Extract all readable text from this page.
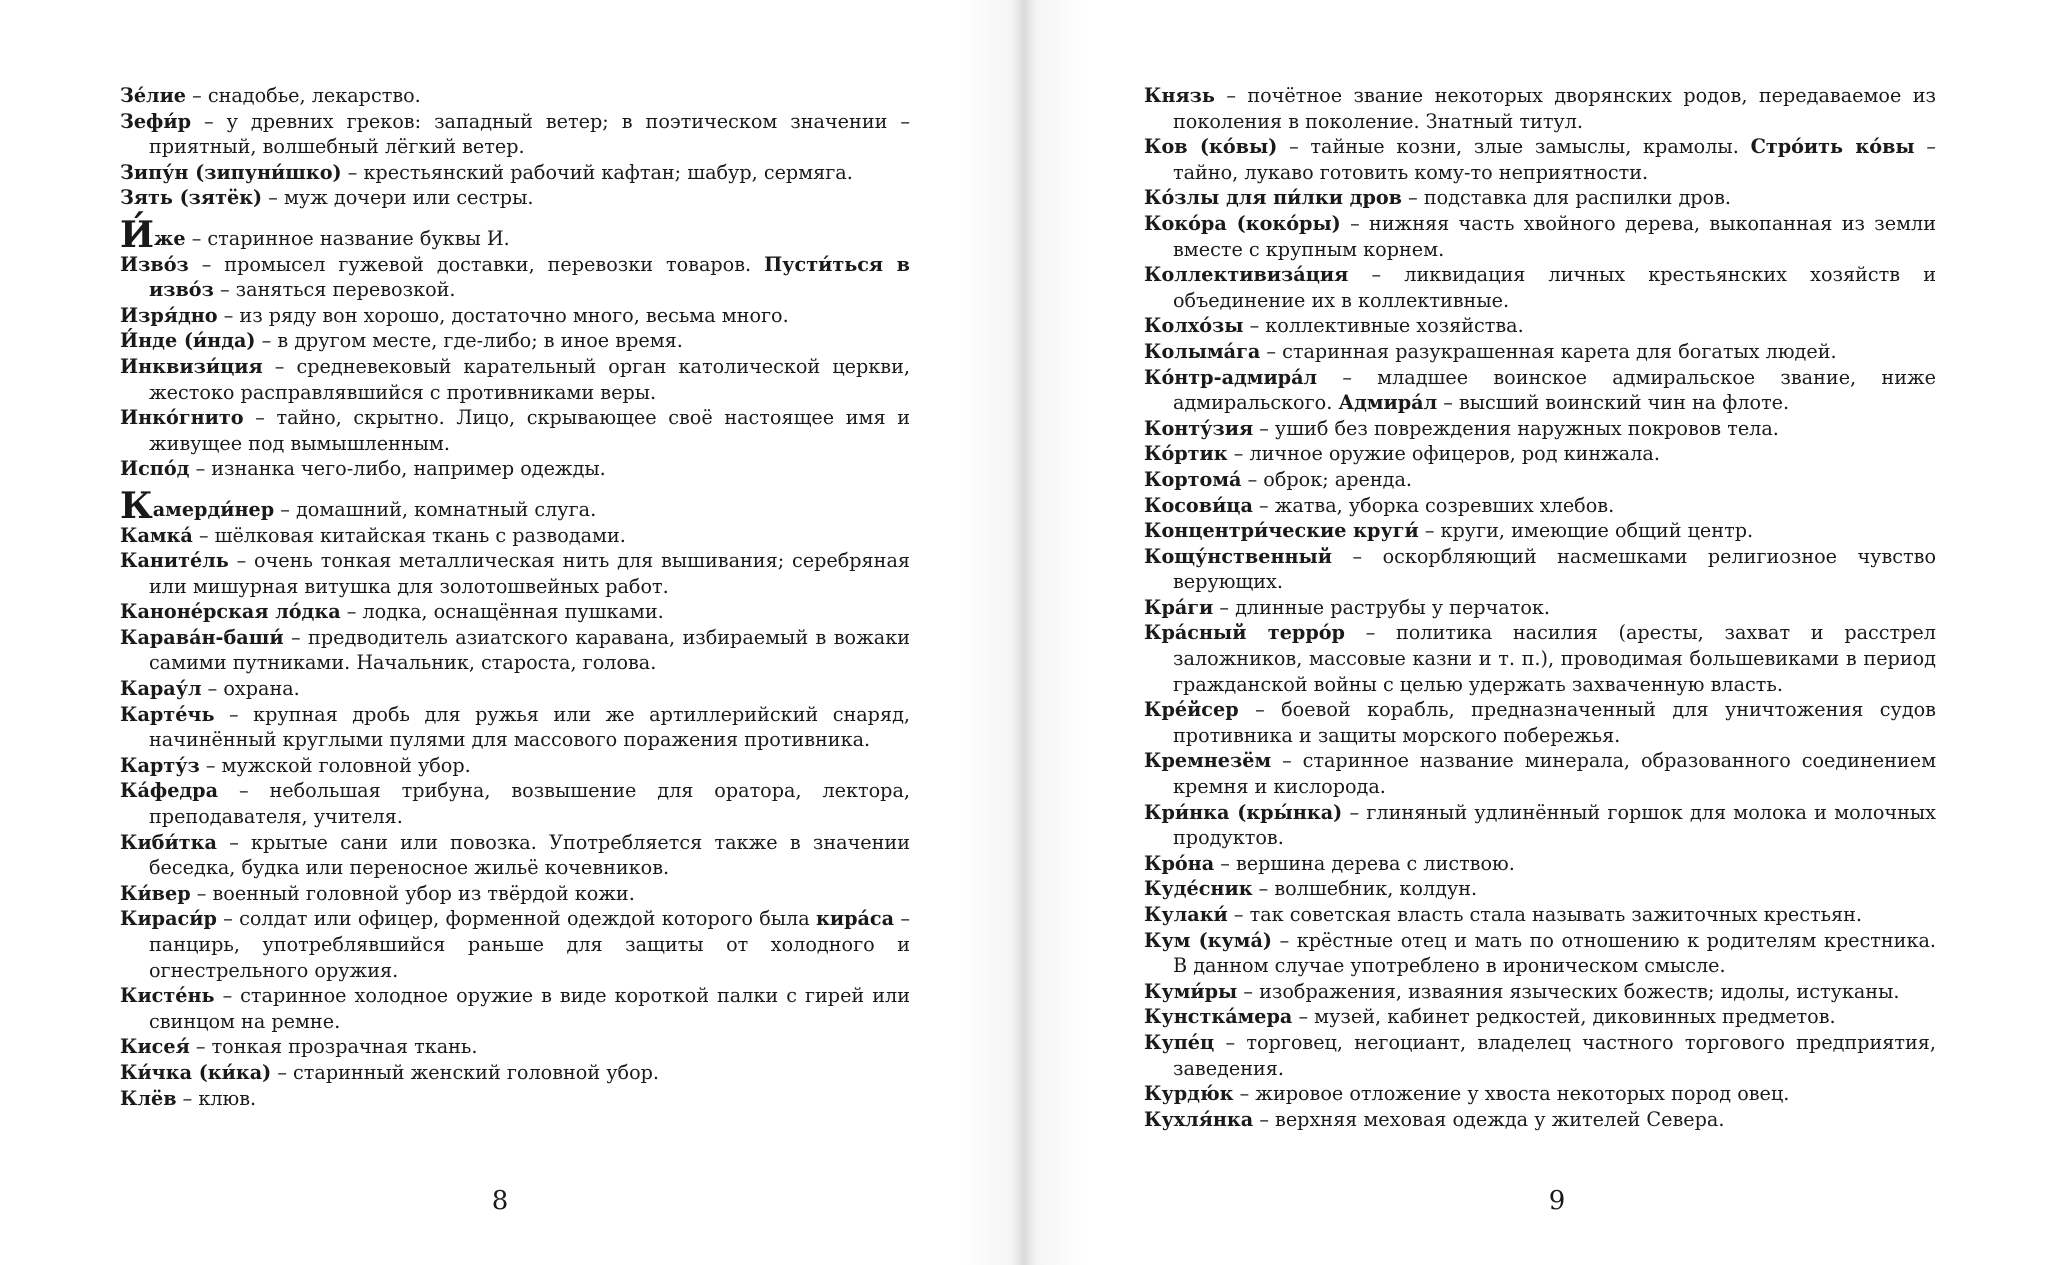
Зе́лие – снадобье, лекарство.

Зефи́р – у древних греков: западный ветер; в поэтическом значении – приятный, волшебный лёгкий ветер.

Зипу́н (зипуни́шко) – крестьянский рабочий кафтан; шабур, сермяга.

Зять (зятёк) – муж дочери или сестры.

И́же – старинное название буквы И.

Изво́з – промысел гужевой доставки, перевозки товаров. Пусти́ться в изво́з – заняться перевозкой.

Изря́дно – из ряду вон хорошо, достаточно много, весьма много.

И́нде (и́нда) – в другом месте, где-либо; в иное время.

Инквизи́ция – средневековый карательный орган католической церкви, жестоко расправлявшийся с противниками веры.

Инко́гнито – тайно, скрытно. Лицо, скрывающее своё настоящее имя и живущее под вымышленным.

Испо́д – изнанка чего-либо, например одежды.

Камерди́нер – домашний, комнатный слуга.

Камка́ – шёлковая китайская ткань с разводами.

Канитéль – очень тонкая металлическая нить для вышивания; серебряная или мишурная витушка для золотошвейных работ.

Канонéрская ло́дка – лодка, оснащённая пушками.

Карава́н-баши́ – предводитель азиатского каравана, избираемый в вожаки самими путниками. Начальник, староста, голова.

Карау́л – охрана.

Картéчь – крупная дробь для ружья или же артиллерийский снаряд, начинённый круглыми пулями для массового поражения противника.

Карту́з – мужской головной убор.

Ка́федра – небольшая трибуна, возвышение для оратора, лектора, преподавателя, учителя.

Киби́тка – крытые сани или повозка. Употребляется также в значении беседка, будка или переносное жильё кочевников.

Ки́вер – военный головной убор из твёрдой кожи.

Кираси́р – солдат или офицер, форменной одеждой которого была кира́са – панцирь, употреблявшийся раньше для защиты от холодного и огнестрельного оружия.

Кистéнь – старинное холодное оружие в виде короткой палки с гирей или свинцом на ремне.

Кисея́ – тонкая прозрачная ткань.

Ки́чка (ки́ка) – старинный женский головной убор.

Клёв – клюв.

8

Князь – почётное звание некоторых дворянских родов, передаваемое из поколения в поколение. Знатный титул.

Ков (ко́вы) – тайные козни, злые замыслы, крамолы. Стро́ить ко́вы – тайно, лукаво готовить кому-то неприятности.

Ко́злы для пи́лки дров – подставка для распилки дров.

Коко́ра (коко́ры) – нижняя часть хвойного дерева, выкопанная из земли вместе с крупным корнем.

Коллективиза́ция – ликвидация личных крестьянских хозяйств и объединение их в коллективные.

Колхо́зы – коллективные хозяйства.

Колыма́га – старинная разукрашенная карета для богатых людей.

Ко́нтр-адмира́л – младшее воинское адмиральское звание, ниже адмиральского. Адмира́л – высший воинский чин на флоте.

Конту́зия – ушиб без повреждения наружных покровов тела.

Ко́ртик – личное оружие офицеров, род кинжала.

Кортома́ – оброк; аренда.

Косови́ца – жатва, уборка созревших хлебов.

Концентри́ческие круги́ – круги, имеющие общий центр.

Кощу́нственный – оскорбляющий насмешками религиозное чувство верующих.

Кра́ги – длинные раструбы у перчаток.

Кра́сный терро́р – политика насилия (аресты, захват и расстрел заложников, массовые казни и т. п.), проводимая большевиками в период гражданской войны с целью удержать захваченную власть.

Крéйсер – боевой корабль, предназначенный для уничтожения судов противника и защиты морского побережья.

Кремнезём – старинное название минерала, образованного соединением кремня и кислорода.

Кри́нка (кры́нка) – глиняный удлинённый горшок для молока и молочных продуктов.

Кро́на – вершина дерева с листвою.

Куде́сник – волшебник, колдун.

Кулаки́ – так советская власть стала называть зажиточных крестьян.

Кум (кума́) – крёстные отец и мать по отношению к родителям крестника. В данном случае употреблено в ироническом смысле.

Куми́ры – изображения, изваяния языческих божеств; идолы, истуканы.

Кунстка́мера – музей, кабинет редкостей, диковинных предметов.

Купéц – торговец, негоциант, владелец частного торгового предприятия, заведения.

Курдю́к – жировое отложение у хвоста некоторых пород овец.

Кухля́нка – верхняя меховая одежда у жителей Севера.

9
